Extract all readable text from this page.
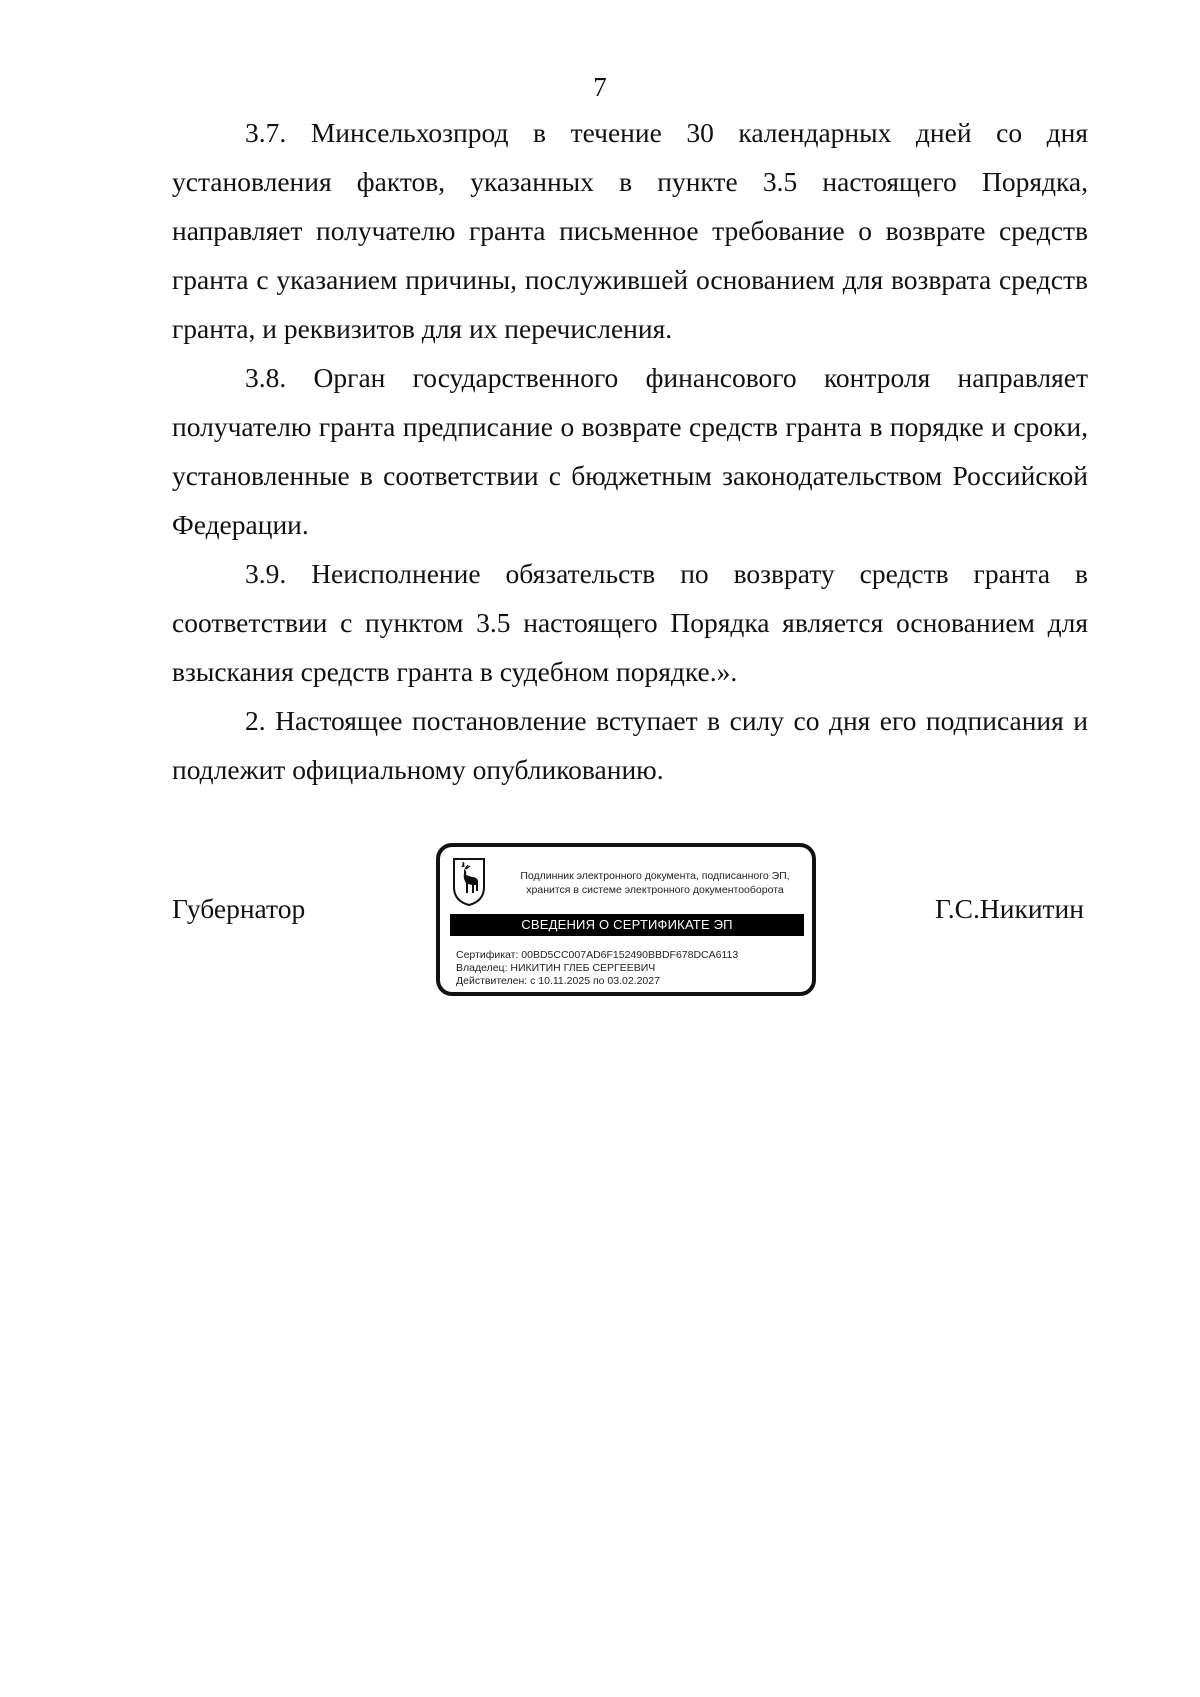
7

3.7. Минсельхозпрод в течение 30 календарных дней со дня установления фактов, указанных в пункте 3.5 настоящего Порядка, направляет получателю гранта письменное требование о возврате средств гранта с указанием причины, послужившей основанием для возврата средств гранта, и реквизитов для их перечисления.

3.8. Орган государственного финансового контроля направляет получателю гранта предписание о возврате средств гранта в порядке и сроки, установленные в соответствии с бюджетным законодательством Российской Федерации.

3.9. Неисполнение обязательств по возврату средств гранта в соответствии с пунктом 3.5 настоящего Порядка является основанием для взыскания средств гранта в судебном порядке.».

2. Настоящее постановление вступает в силу со дня его подписания и подлежит официальному опубликованию.

Губернатор
Подлинник электронного документа, подписанного ЭП,
хранится в системе электронного документооборота
СВЕДЕНИЯ О СЕРТИФИКАТЕ ЭП
Сертификат: 00BD5CC007AD6F152490BBDF678DCA6113
Владелец: НИКИТИН ГЛЕБ СЕРГЕЕВИЧ
Действителен: с 10.11.2025 по 03.02.2027
Г.С.Никитин
